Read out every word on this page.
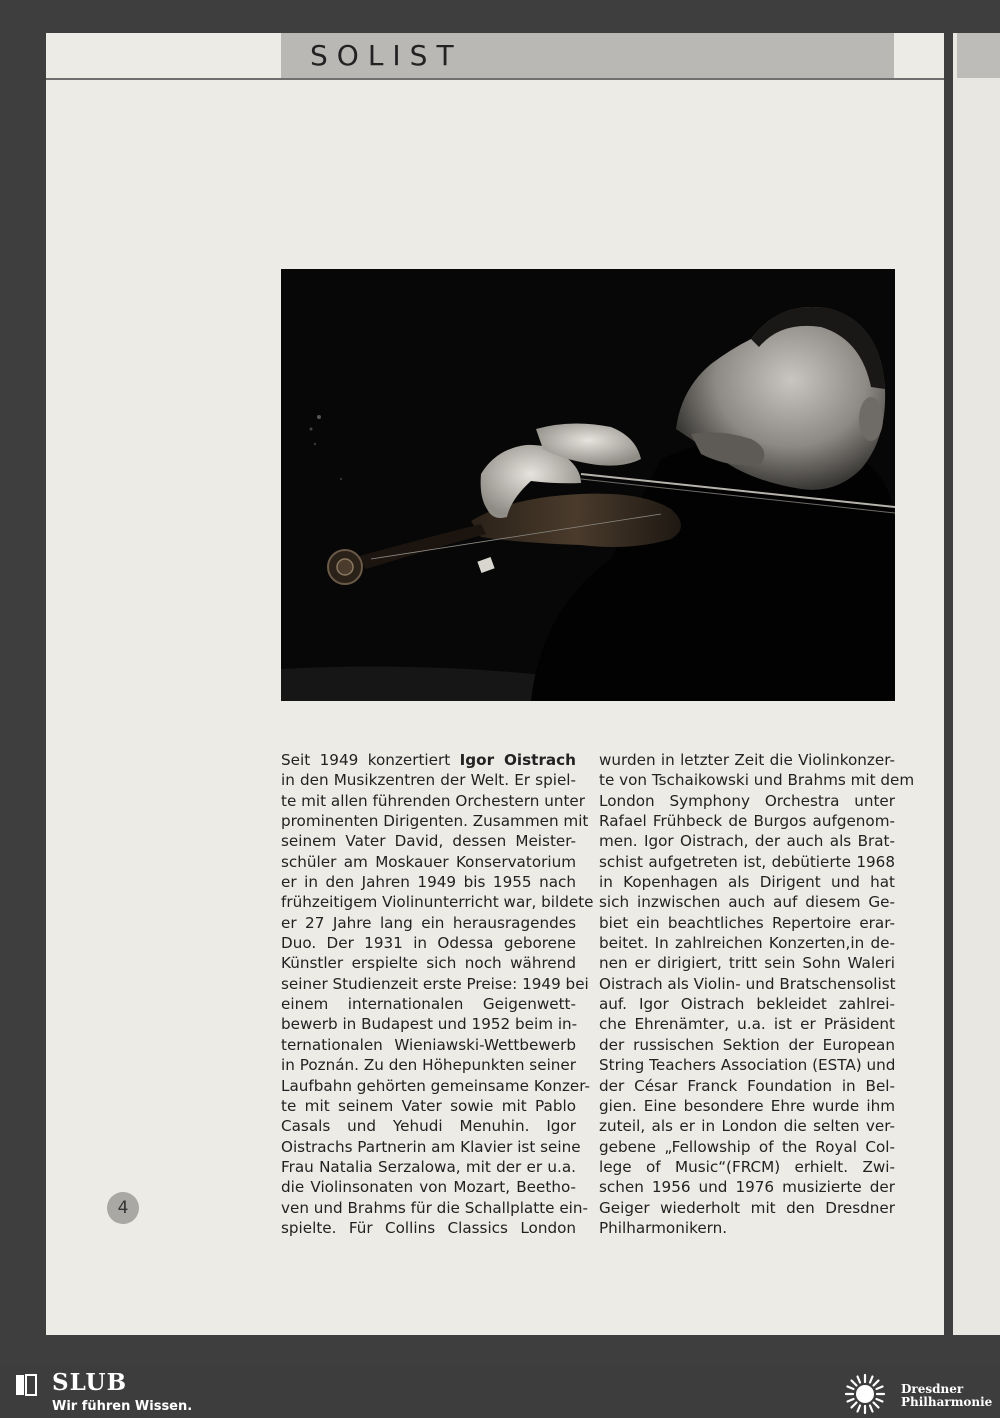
SOLIST
Seit 1949 konzertiert Igor Oistrach
in den Musikzentren der Welt. Er spiel-
te mit allen führenden Orchestern unter
prominenten Dirigenten. Zusammen mit
seinem Vater David, dessen Meister-
schüler am Moskauer Konservatorium
er in den Jahren 1949 bis 1955 nach
frühzeitigem Violinunterricht war, bildete
er 27 Jahre lang ein herausragendes
Duo. Der 1931 in Odessa geborene
Künstler erspielte sich noch während
seiner Studienzeit erste Preise: 1949 bei
einem internationalen Geigenwett-
bewerb in Budapest und 1952 beim in-
ternationalen Wieniawski-Wettbewerb
in Poznán. Zu den Höhepunkten seiner
Laufbahn gehörten gemeinsame Konzer-
te mit seinem Vater sowie mit Pablo
Casals und Yehudi Menuhin. Igor
Oistrachs Partnerin am Klavier ist seine
Frau Natalia Serzalowa, mit der er u.a.
die Violinsonaten von Mozart, Beetho-
ven und Brahms für die Schallplatte ein-
spielte. Für Collins Classics London
wurden in letzter Zeit die Violinkonzer-
te von Tschaikowski und Brahms mit dem
London Symphony Orchestra unter
Rafael Frühbeck de Burgos aufgenom-
men. Igor Oistrach, der auch als Brat-
schist aufgetreten ist, debütierte 1968
in Kopenhagen als Dirigent und hat
sich inzwischen auch auf diesem Ge-
biet ein beachtliches Repertoire erar-
beitet. In zahlreichen Konzerten,in de-
nen er dirigiert, tritt sein Sohn Waleri
Oistrach als Violin- und Bratschensolist
auf. Igor Oistrach bekleidet zahlrei-
che Ehrenämter, u.a. ist er Präsident
der russischen Sektion der European
String Teachers Association (ESTA) und
der César Franck Foundation in Bel-
gien. Eine besondere Ehre wurde ihm
zuteil, als er in London die selten ver-
gebene „Fellowship of the Royal Col-
lege of Music“(FRCM) erhielt. Zwi-
schen 1956 und 1976 musizierte der
Geiger wiederholt mit den Dresdner
Philharmonikern.
4
SLUB
Wir führen Wissen.
Dresdner
Philharmonie
